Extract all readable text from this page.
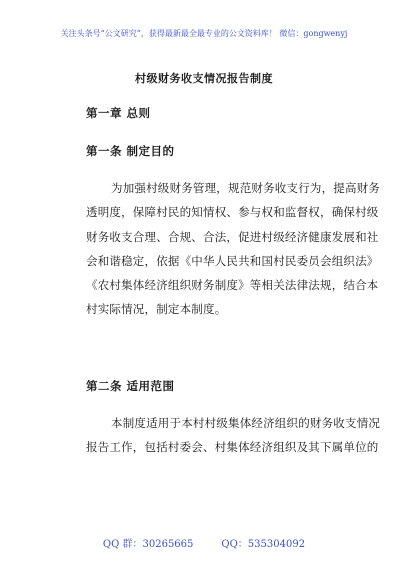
关注头条号“公文研究”，获得最新最全最专业的公文资料库！ 微信：gongwenyj
村级财务收支情况报告制度
第一章 总则
第一条 制定目的
为加强村级财务管理，规范财务收支行为，提高财务
透明度，保障村民的知情权、参与权和监督权，确保村级
财务收支合理、合规、合法，促进村级经济健康发展和社
会和谐稳定，依据《中华人民共和国村民委员会组织法》
《农村集体经济组织财务制度》等相关法律法规，结合本
村实际情况，制定本制度。
第二条 适用范围
本制度适用于本村村级集体经济组织的财务收支情况
报告工作，包括村委会、村集体经济组织及其下属单位的
QQ 群：30265665	QQ：535304092
